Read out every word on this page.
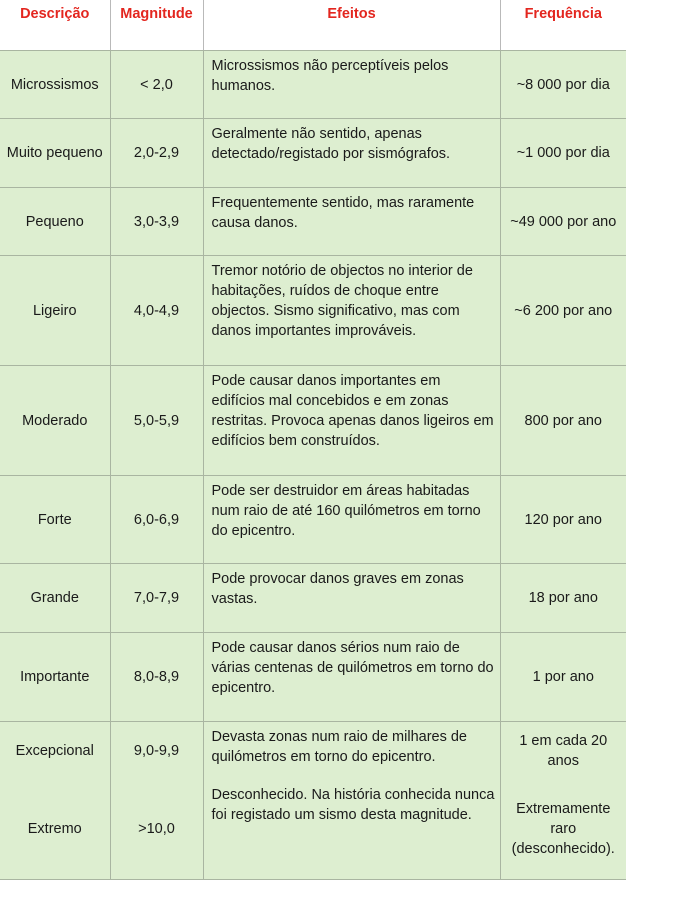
Descrição	Magnitude	Efeitos	Frequência
Microssismos	< 2,0	Microssismos não perceptíveis pelos humanos.	~8 000 por dia
Muito pequeno	2,0-2,9	Geralmente não sentido, apenas detectado/registado por sismógrafos.	~1 000 por dia
Pequeno	3,0-3,9	Frequentemente sentido, mas raramente causa danos.	~49 000 por ano
Ligeiro	4,0-4,9	Tremor notório de objectos no interior de habitações, ruídos de choque entre objectos. Sismo significativo, mas com danos importantes improváveis.	~6 200 por ano
Moderado	5,0-5,9	Pode causar danos importantes em edifícios mal concebidos e em zonas restritas. Provoca apenas danos ligeiros em edifícios bem construídos.	800 por ano
Forte	6,0-6,9	Pode ser destruidor em áreas habitadas num raio de até 160 quilómetros em torno do epicentro.	120 por ano
Grande	7,0-7,9	Pode provocar danos graves em zonas vastas.	18 por ano
Importante	8,0-8,9	Pode causar danos sérios num raio de várias centenas de quilómetros em torno do epicentro.	1 por ano
Excepcional	9,0-9,9	Devasta zonas num raio de milhares de quilómetros em torno do epicentro.	1 em cada 20 anos
Extremo	>10,0	Desconhecido. Na história conhecida nunca foi registado um sismo desta magnitude.	Extremamente raro (desconhecido).
